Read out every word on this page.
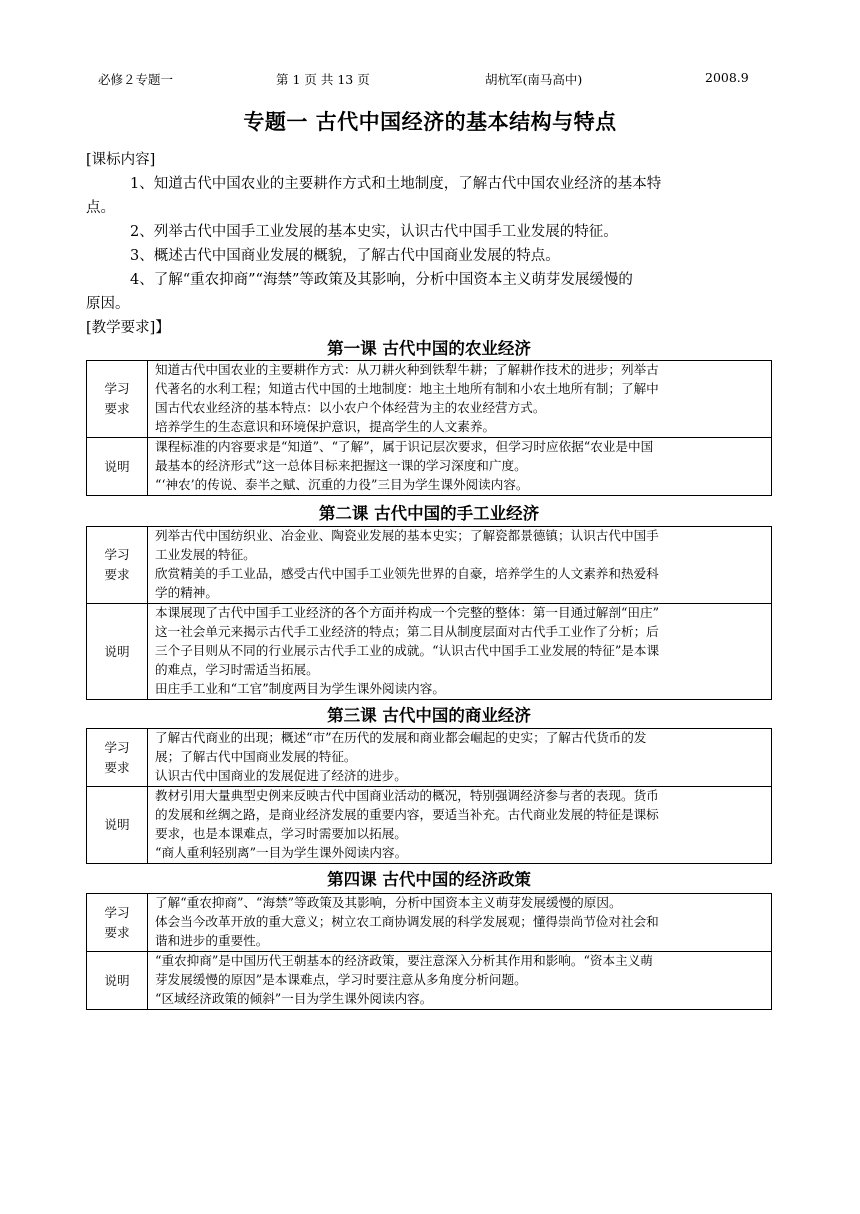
必修２专题一	第 1 页 共 13 页	胡杭军(南马高中)	2008.9
专题一 古代中国经济的基本结构与特点
[课标内容]
1、知道古代中国农业的主要耕作方式和土地制度，了解古代中国农业经济的基本特
点。
2、列举古代中国手工业发展的基本史实，认识古代中国手工业发展的特征。
3、概述古代中国商业发展的概貌，了解古代中国商业发展的特点。
4、了解“重农抑商”“海禁”等政策及其影响，分析中国资本主义萌芽发展缓慢的
原因。
[教学要求]】
第一课 古代中国的农业经济
学习
要求	知道古代中国农业的主要耕作方式：从刀耕火种到铁犁牛耕；了解耕作技术的进步；列举古
代著名的水利工程；知道古代中国的土地制度：地主土地所有制和小农土地所有制；了解中
国古代农业经济的基本特点：以小农户个体经营为主的农业经营方式。
培养学生的生态意识和环境保护意识，提高学生的人文素养。

说明	课程标准的内容要求是“知道”、“了解”，属于识记层次要求，但学习时应依据“农业是中国
最基本的经济形式”这一总体目标来把握这一课的学习深度和广度。
“‘神农’的传说、泰半之赋、沉重的力役”三目为学生课外阅读内容。
第二课 古代中国的手工业经济
学习
要求	列举古代中国纺织业、冶金业、陶瓷业发展的基本史实；了解瓷都景德镇；认识古代中国手
工业发展的特征。
欣赏精美的手工业品，感受古代中国手工业领先世界的自豪，培养学生的人文素养和热爱科
学的精神。

说明	本课展现了古代中国手工业经济的各个方面并构成一个完整的整体：第一目通过解剖“田庄”
这一社会单元来揭示古代手工业经济的特点；第二目从制度层面对古代手工业作了分析；后
三个子目则从不同的行业展示古代手工业的成就。“认识古代中国手工业发展的特征”是本课
的难点，学习时需适当拓展。
田庄手工业和“工官”制度两目为学生课外阅读内容。
第三课 古代中国的商业经济
学习
要求	了解古代商业的出现；概述“市”在历代的发展和商业都会崛起的史实；了解古代货币的发
展；了解古代中国商业发展的特征。
认识古代中国商业的发展促进了经济的进步。

说明	教材引用大量典型史例来反映古代中国商业活动的概况，特别强调经济参与者的表现。货币
的发展和丝绸之路，是商业经济发展的重要内容，要适当补充。古代商业发展的特征是课标
要求，也是本课难点，学习时需要加以拓展。
“商人重利轻别离”一目为学生课外阅读内容。
第四课 古代中国的经济政策
学习
要求	了解“重农抑商”、“海禁”等政策及其影响，分析中国资本主义萌芽发展缓慢的原因。
体会当今改革开放的重大意义；树立农工商协调发展的科学发展观；懂得崇尚节俭对社会和
谐和进步的重要性。

说明	“重农抑商”是中国历代王朝基本的经济政策，要注意深入分析其作用和影响。“资本主义萌
芽发展缓慢的原因”是本课难点，学习时要注意从多角度分析问题。
“区域经济政策的倾斜”一目为学生课外阅读内容。
